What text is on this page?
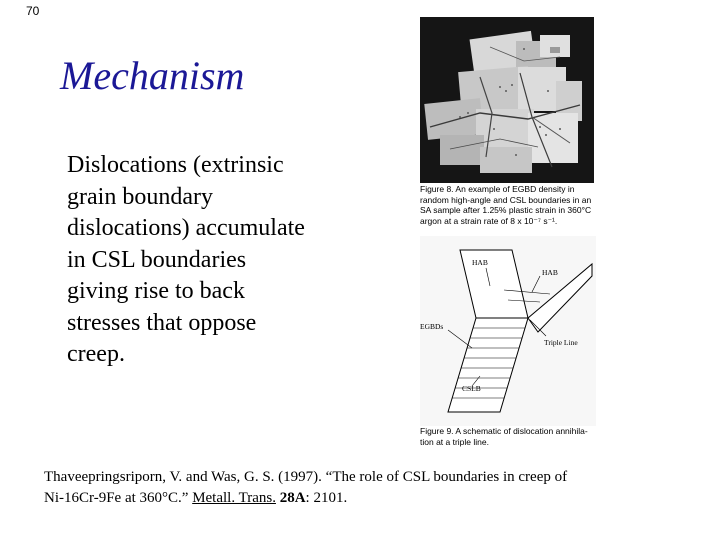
70
Mechanism
Dislocations (extrinsic
grain boundary
dislocations) accumulate
in CSL boundaries
giving rise to back
stresses that oppose
creep.
Figure 8. An example of EGBD density in
random high-angle and CSL boundaries in an
SA sample after 1.25% plastic strain in 360°C
argon at a strain rate of 8 x 10⁻⁷ s⁻¹.
HAB
HAB
EGBDs
Triple Line
CSLB
Figure 9. A schematic of dislocation annihila-
tion at a triple line.
Thaveepringsriporn, V. and Was, G. S. (1997). “The role of CSL boundaries in creep of
Ni-16Cr-9Fe at 360°C.” Metall. Trans. 28A: 2101.
